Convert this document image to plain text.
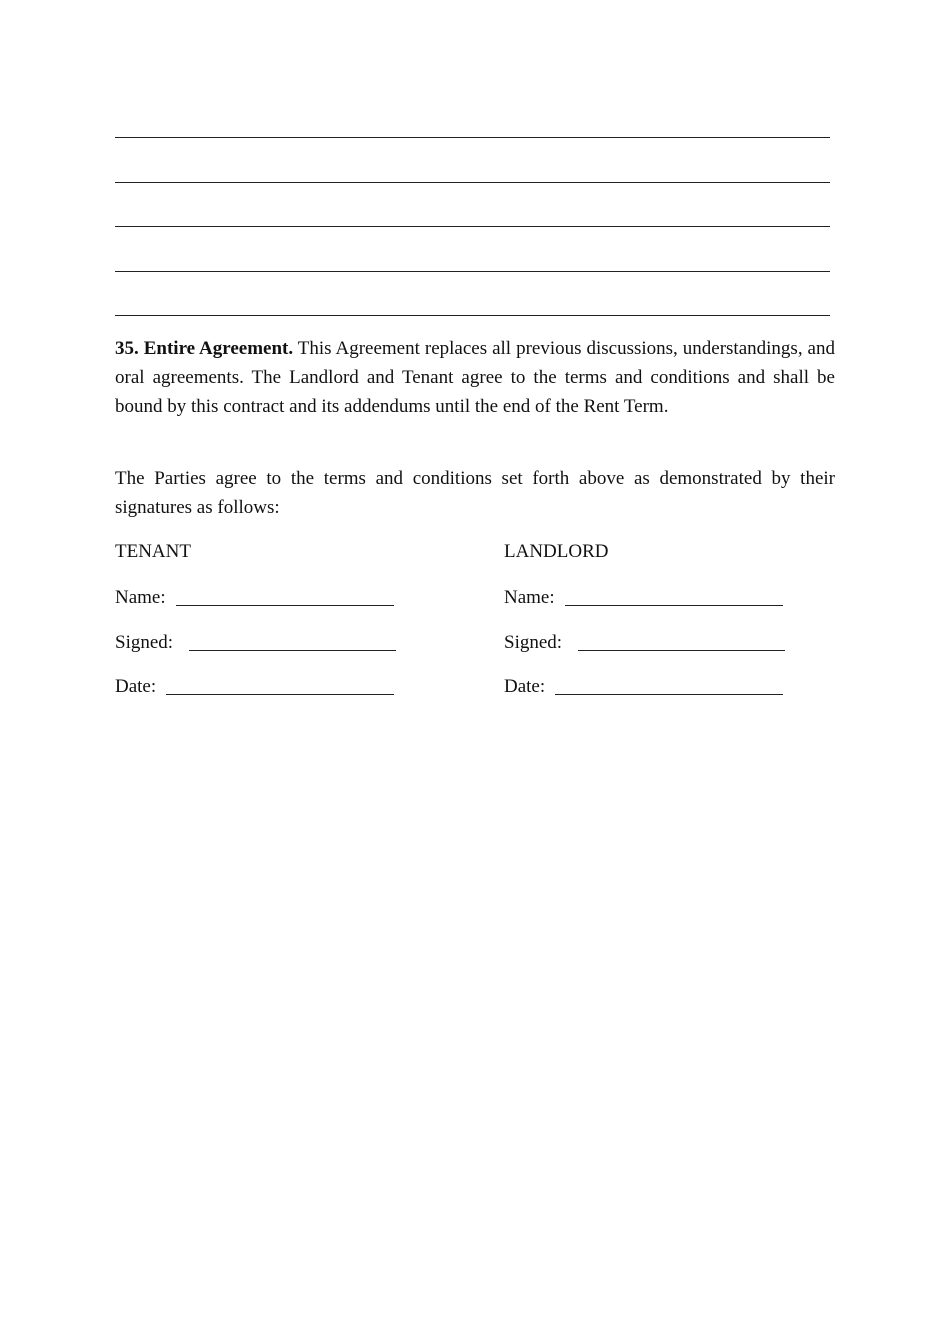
35. Entire Agreement. This Agreement replaces all previous discussions, understandings, and oral agreements. The Landlord and Tenant agree to the terms and conditions and shall be bound by this contract and its addendums until the end of the Rent Term.

The Parties agree to the terms and conditions set forth above as demonstrated by their signatures as follows:

TENANT	LANDLORD
Name:	Name:
Signed:	Signed:
Date:	Date:
